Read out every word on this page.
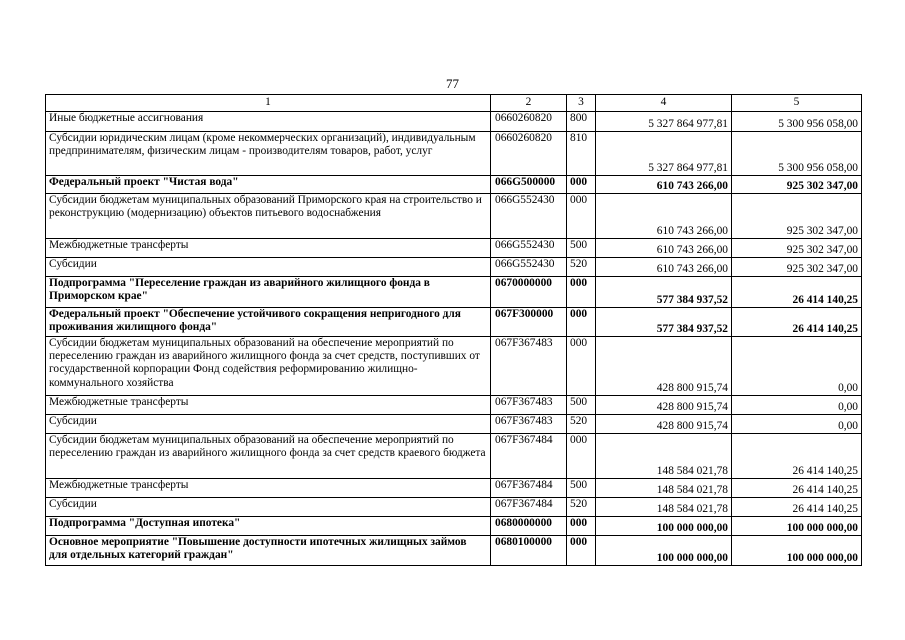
77
1	2	3	4	5
Иные бюджетные ассигнования	0660260820	800	5 327 864 977,81	5 300 956 058,00
Субсидии юридическим лицам (кроме некоммерческих организаций), индивидуальным предпринимателям, физическим лицам - производителям товаров, работ, услуг	0660260820	810	5 327 864 977,81	5 300 956 058,00
Федеральный проект "Чистая вода"	066G500000	000	610 743 266,00	925 302 347,00
Субсидии бюджетам муниципальных образований Приморского края на строительство и реконструкцию (модернизацию) объектов питьевого водоснабжения	066G552430	000	610 743 266,00	925 302 347,00
Межбюджетные трансферты	066G552430	500	610 743 266,00	925 302 347,00
Субсидии	066G552430	520	610 743 266,00	925 302 347,00
Подпрограмма "Переселение граждан из аварийного жилищного фонда в Приморском крае"	0670000000	000	577 384 937,52	26 414 140,25
Федеральный проект "Обеспечение устойчивого сокращения непригодного для проживания жилищного фонда"	067F300000	000	577 384 937,52	26 414 140,25
Субсидии бюджетам муниципальных образований на обеспечение мероприятий по переселению граждан из аварийного жилищного фонда за счет средств, поступивших от государственной корпорации Фонд содействия реформированию жилищно-коммунального хозяйства	067F367483	000	428 800 915,74	0,00
Межбюджетные трансферты	067F367483	500	428 800 915,74	0,00
Субсидии	067F367483	520	428 800 915,74	0,00
Субсидии бюджетам муниципальных образований на обеспечение мероприятий по переселению граждан из аварийного жилищного фонда за счет средств краевого бюджета	067F367484	000	148 584 021,78	26 414 140,25
Межбюджетные трансферты	067F367484	500	148 584 021,78	26 414 140,25
Субсидии	067F367484	520	148 584 021,78	26 414 140,25
Подпрограмма "Доступная ипотека"	0680000000	000	100 000 000,00	100 000 000,00
Основное мероприятие "Повышение доступности ипотечных жилищных займов для отдельных категорий граждан"	0680100000	000	100 000 000,00	100 000 000,00
